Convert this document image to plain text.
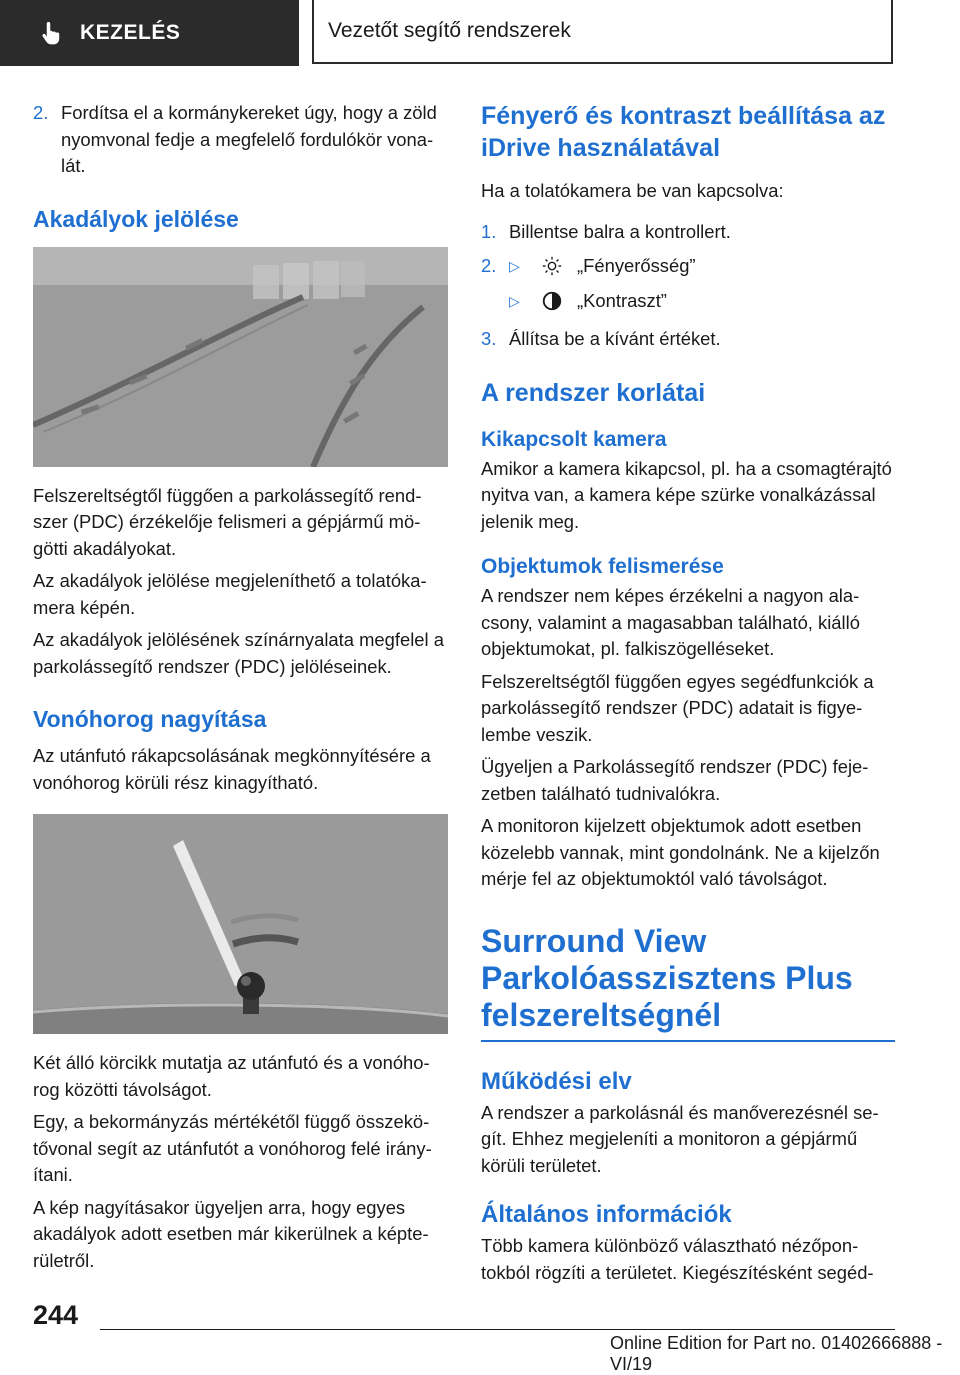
KEZELÉS	Vezetőt segítő rendszerek
2. Fordítsa el a kormánykereket úgy, hogy a zöld nyomvonal fedje a megfelelő fordulókör vonalát.
Akadályok jelölése

Felszereltségtől függően a parkolássegítő rendszer (PDC) érzékelője felismeri a gépjármű mögötti akadályokat.

Az akadályok jelölése megjeleníthető a tolatókamera képén.

Az akadályok jelölésének színárnyalata megfelel a parkolássegítő rendszer (PDC) jelöléseinek.

Vonóhorog nagyítása

Az utánfutó rákapcsolásának megkönnyítésére a vonóhorog körüli rész kinagyítható.

Két álló körcikk mutatja az utánfutó és a vonóhorog közötti távolságot.

Egy, a bekormányzás mértékétől függő összekötővonal segít az utánfutót a vonóhorog felé irányítani.

A kép nagyításakor ügyeljen arra, hogy egyes akadályok adott esetben már kikerülnek a képterületről.

Fényerő és kontraszt beállítása az iDrive használatával

Ha a tolatókamera be van kapcsolva:

1. Billentse balra a kontrollert.
2. ▷	„Fényerősség”
▷	„Kontraszt”
3. Állítsa be a kívánt értéket.
A rendszer korlátai
Kikapcsolt kamera

Amikor a kamera kikapcsol, pl. ha a csomagtérajtó nyitva van, a kamera képe szürke vonalkázással jelenik meg.

Objektumok felismerése

A rendszer nem képes érzékelni a nagyon alacsony, valamint a magasabban található, kiálló objektumokat, pl. falkiszögelléseket.

Felszereltségtől függően egyes segédfunkciók a parkolássegítő rendszer (PDC) adatait is figyelembe veszik.

Ügyeljen a Parkolássegítő rendszer (PDC) fejezetben található tudnivalókra.

A monitoron kijelzett objektumok adott esetben közelebb vannak, mint gondolnánk. Ne a kijelzőn mérje fel az objektumoktól való távolságot.

Surround View Parkolóasszisztens Plus felszereltségnél
Működési elv

A rendszer a parkolásnál és manőverezésnél segít. Ehhez megjeleníti a monitoron a gépjármű körüli területet.

Általános információk

Több kamera különböző választható nézőpontokból rögzíti a területet. Kiegészítésként segéd-

244
Online Edition for Part no. 01402666888 - VI/19
